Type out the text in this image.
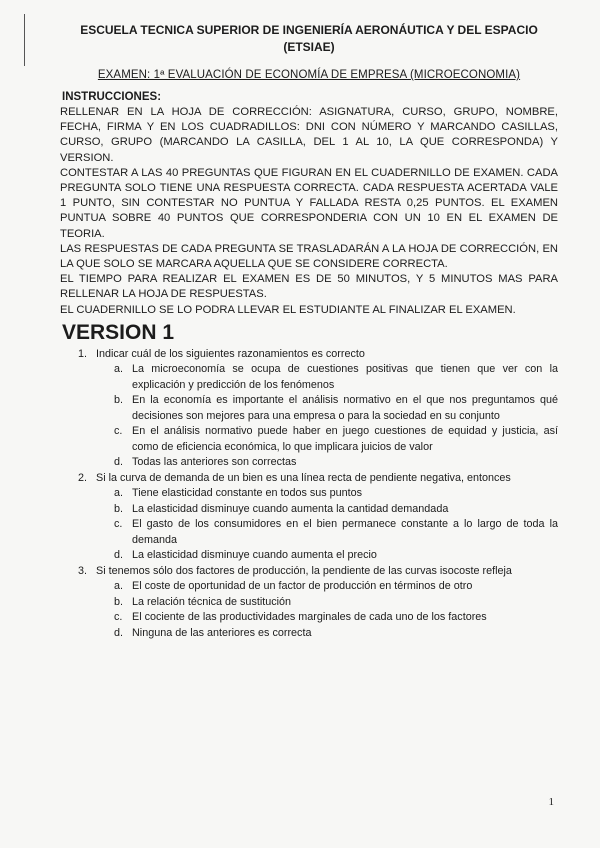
ESCUELA TECNICA SUPERIOR DE INGENIERÍA AERONÁUTICA Y DEL ESPACIO

(ETSIAE)

EXAMEN: 1ª EVALUACIÓN DE ECONOMÍA DE EMPRESA (MICROECONOMIA)

INSTRUCCIONES:

RELLENAR EN LA HOJA DE CORRECCIÓN: ASIGNATURA, CURSO, GRUPO, NOMBRE, FECHA, FIRMA Y EN LOS CUADRADILLOS: DNI CON NÚMERO Y MARCANDO CASILLAS, CURSO, GRUPO (MARCANDO LA CASILLA, DEL 1 AL 10, LA QUE CORRESPONDA) Y VERSION.

CONTESTAR A LAS 40 PREGUNTAS QUE FIGURAN EN EL CUADERNILLO DE EXAMEN. CADA PREGUNTA SOLO TIENE UNA RESPUESTA CORRECTA. CADA RESPUESTA ACERTADA VALE 1 PUNTO, SIN CONTESTAR NO PUNTUA Y FALLADA RESTA 0,25 PUNTOS. EL EXAMEN PUNTUA SOBRE 40 PUNTOS QUE CORRESPONDERIA CON UN 10 EN EL EXAMEN DE TEORIA.

LAS RESPUESTAS DE CADA PREGUNTA SE TRASLADARÁN A LA HOJA DE CORRECCIÓN, EN LA QUE SOLO SE MARCARA AQUELLA QUE SE CONSIDERE CORRECTA.

EL TIEMPO PARA REALIZAR EL EXAMEN ES DE 50 MINUTOS, Y 5 MINUTOS MAS PARA RELLENAR LA HOJA DE RESPUESTAS.

EL CUADERNILLO SE LO PODRA LLEVAR EL ESTUDIANTE AL FINALIZAR EL EXAMEN.

VERSION 1

1. Indicar cuál de los siguientes razonamientos es correcto

a. La microeconomía se ocupa de cuestiones positivas que tienen que ver con la explicación y predicción de los fenómenos

b. En la economía es importante el análisis normativo en el que nos preguntamos qué decisiones son mejores para una empresa o para la sociedad en su conjunto

c. En el análisis normativo puede haber en juego cuestiones de equidad y justicia, así como de eficiencia económica, lo que implicara juicios de valor

d. Todas las anteriores son correctas

2. Si la curva de demanda de un bien es una línea recta de pendiente negativa, entonces

a. Tiene elasticidad constante en todos sus puntos

b. La elasticidad disminuye cuando aumenta la cantidad demandada

c. El gasto de los consumidores en el bien permanece constante a lo largo de toda la demanda

d. La elasticidad disminuye cuando aumenta el precio

3. Si tenemos sólo dos factores de producción, la pendiente de las curvas isocoste refleja

a. El coste de oportunidad de un factor de producción en términos de otro

b. La relación técnica de sustitución

c. El cociente de las productividades marginales de cada uno de los factores

d. Ninguna de las anteriores es correcta

1
